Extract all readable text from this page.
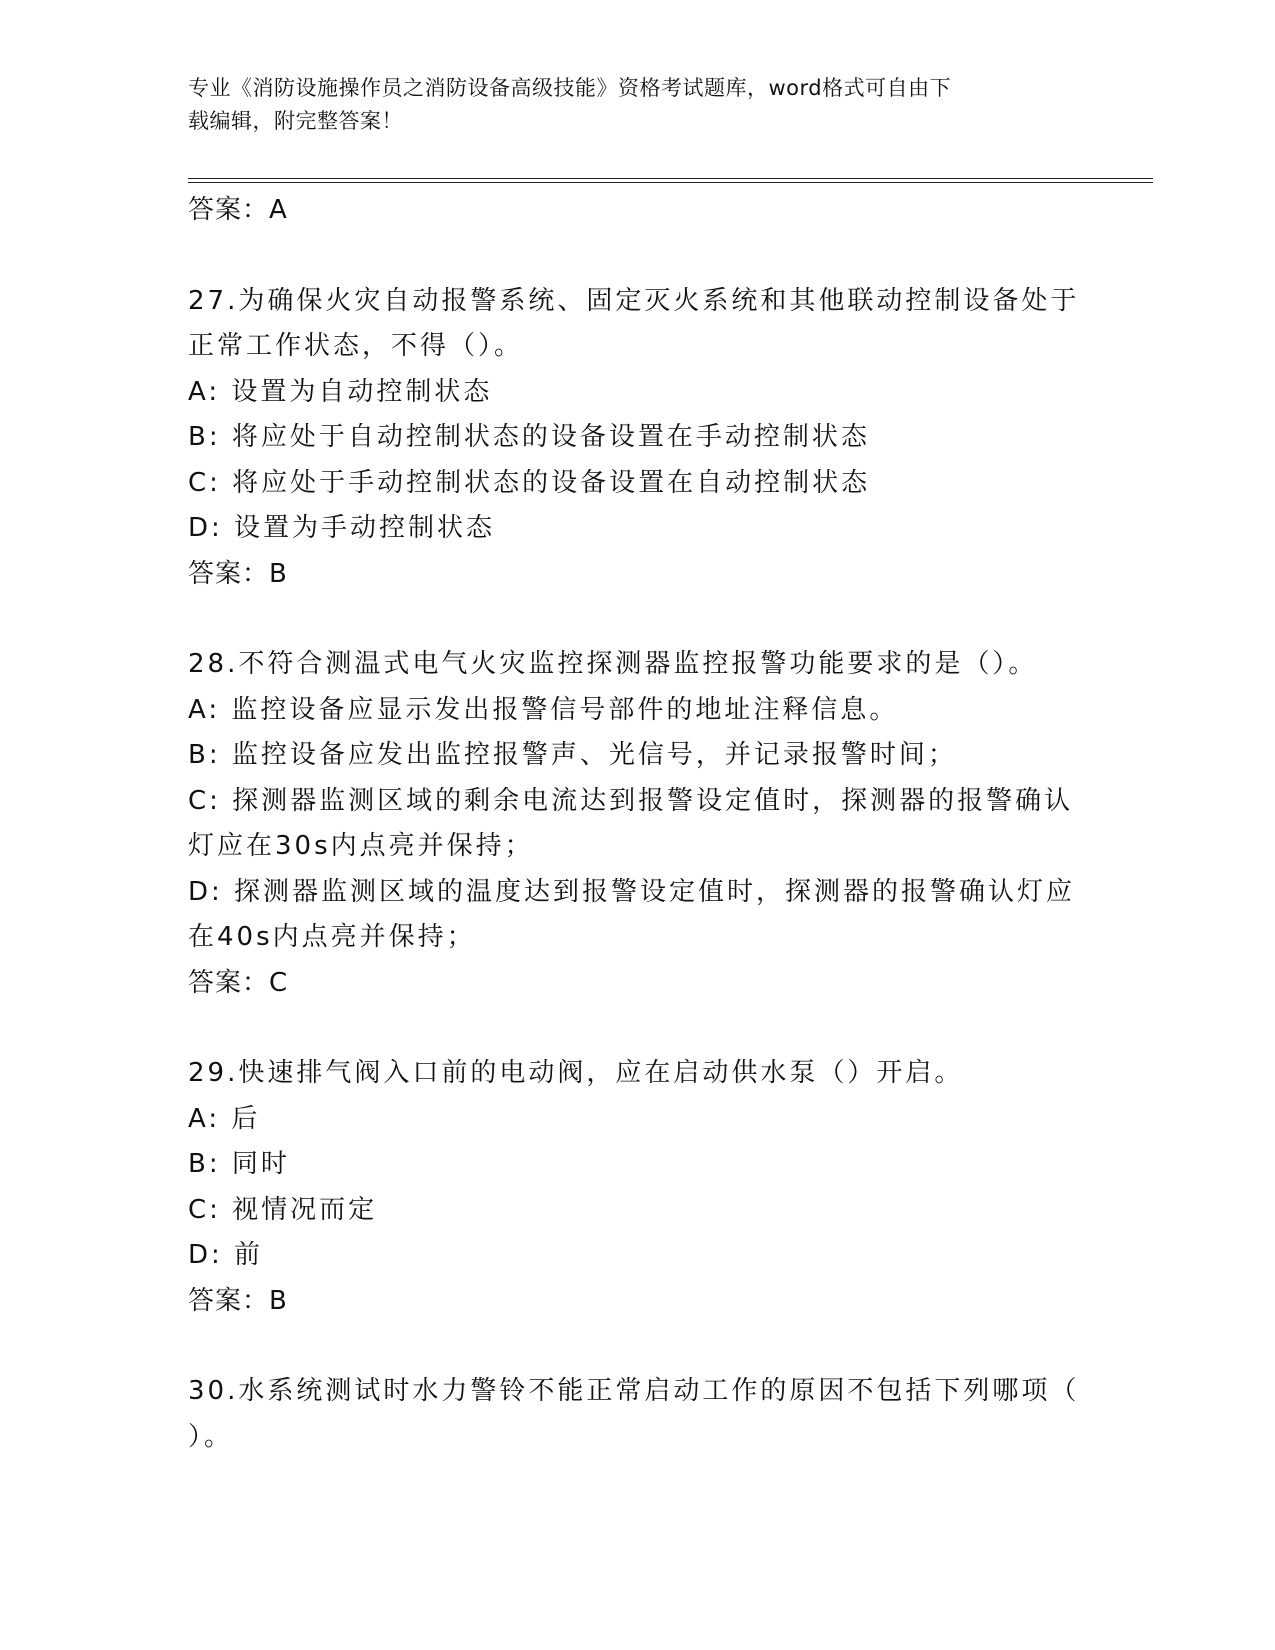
专业《消防设施操作员之消防设备高级技能》资格考试题库，word格式可自由下
载编辑，附完整答案！
答案：A
27.为确保火灾自动报警系统、固定灭火系统和其他联动控制设备处于
正常工作状态，不得（）。
A: 设置为自动控制状态
B: 将应处于自动控制状态的设备设置在手动控制状态
C: 将应处于手动控制状态的设备设置在自动控制状态
D: 设置为手动控制状态
答案：B
28.不符合测温式电气火灾监控探测器监控报警功能要求的是（）。
A: 监控设备应显示发出报警信号部件的地址注释信息。
B: 监控设备应发出监控报警声、光信号，并记录报警时间；
C: 探测器监测区域的剩余电流达到报警设定值时，探测器的报警确认
灯应在30s内点亮并保持；
D: 探测器监测区域的温度达到报警设定值时，探测器的报警确认灯应
在40s内点亮并保持；
答案：C
29.快速排气阀入口前的电动阀，应在启动供水泵（）开启。
A: 后
B: 同时
C: 视情况而定
D: 前
答案：B
30.水系统测试时水力警铃不能正常启动工作的原因不包括下列哪项（
）。
